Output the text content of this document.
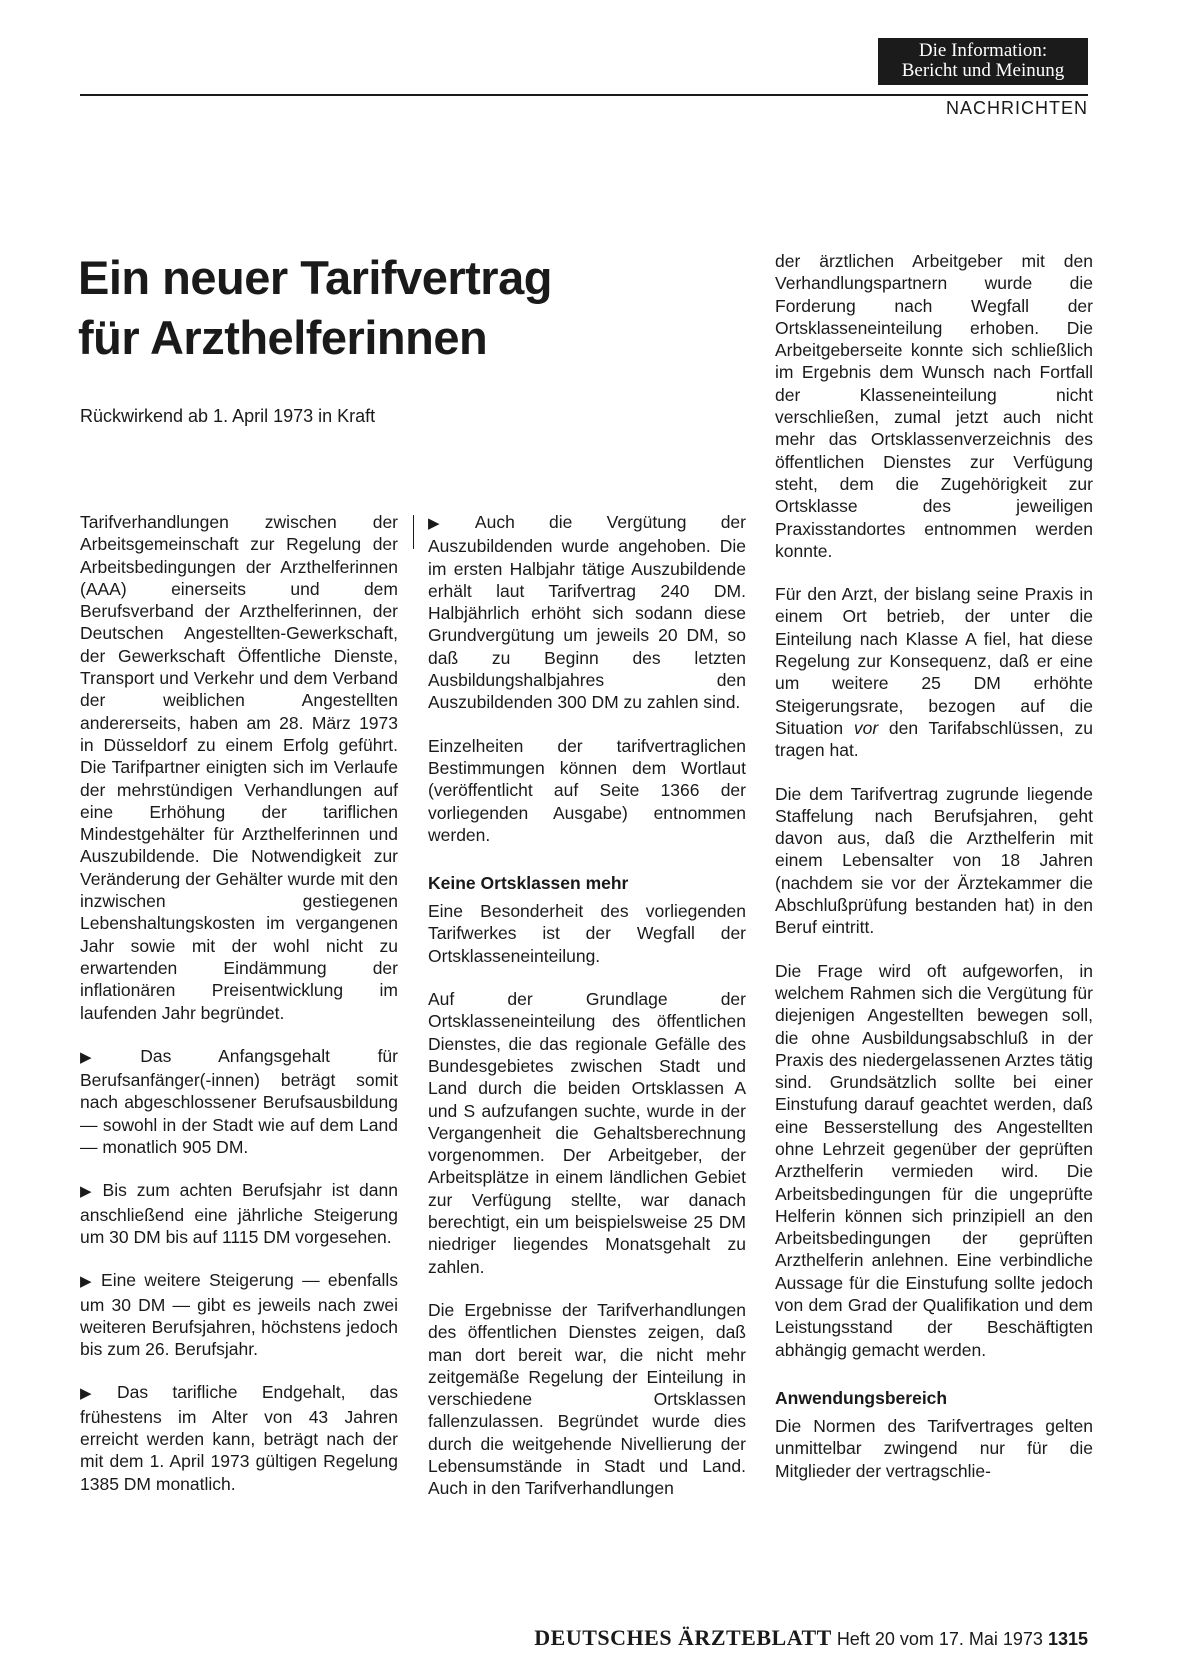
Die Information:
Bericht und Meinung
NACHRICHTEN
Ein neuer Tarifvertrag
für Arzthelferinnen
Rückwirkend ab 1. April 1973 in Kraft

Tarifverhandlungen zwischen der Arbeitsgemeinschaft zur Regelung der Arbeitsbedingungen der Arzthelferinnen (AAA) einerseits und dem Berufsverband der Arzthelferinnen, der Deutschen Angestellten-Gewerkschaft, der Gewerkschaft Öffentliche Dienste, Transport und Verkehr und dem Verband der weiblichen Angestellten andererseits, haben am 28. März 1973 in Düsseldorf zu einem Erfolg geführt. Die Tarifpartner einigten sich im Verlaufe der mehrstündigen Verhandlungen auf eine Erhöhung der tariflichen Mindestgehälter für Arzthelferinnen und Auszubildende. Die Notwendigkeit zur Veränderung der Gehälter wurde mit den inzwischen gestiegenen Lebenshaltungskosten im vergangenen Jahr sowie mit der wohl nicht zu erwartenden Eindämmung der inflationären Preisentwicklung im laufenden Jahr begründet.

▶ Das Anfangsgehalt für Berufsanfänger(-innen) beträgt somit nach abgeschlossener Berufsausbildung — sowohl in der Stadt wie auf dem Land — monatlich 905 DM.

▶ Bis zum achten Berufsjahr ist dann anschließend eine jährliche Steigerung um 30 DM bis auf 1115 DM vorgesehen.

▶ Eine weitere Steigerung — ebenfalls um 30 DM — gibt es jeweils nach zwei weiteren Berufsjahren, höchstens jedoch bis zum 26. Berufsjahr.

▶ Das tarifliche Endgehalt, das frühestens im Alter von 43 Jahren erreicht werden kann, beträgt nach der mit dem 1. April 1973 gültigen Regelung 1385 DM monatlich.

▶ Auch die Vergütung der Auszubildenden wurde angehoben. Die im ersten Halbjahr tätige Auszubildende erhält laut Tarifvertrag 240 DM. Halbjährlich erhöht sich sodann diese Grundvergütung um jeweils 20 DM, so daß zu Beginn des letzten Ausbildungshalbjahres den Auszubildenden 300 DM zu zahlen sind.

Einzelheiten der tarifvertraglichen Bestimmungen können dem Wortlaut (veröffentlicht auf Seite 1366 der vorliegenden Ausgabe) entnommen werden.

Keine Ortsklassen mehr

Eine Besonderheit des vorliegenden Tarifwerkes ist der Wegfall der Ortsklasseneinteilung.

Auf der Grundlage der Ortsklasseneinteilung des öffentlichen Dienstes, die das regionale Gefälle des Bundesgebietes zwischen Stadt und Land durch die beiden Ortsklassen A und S aufzufangen suchte, wurde in der Vergangenheit die Gehaltsberechnung vorgenommen. Der Arbeitgeber, der Arbeitsplätze in einem ländlichen Gebiet zur Verfügung stellte, war danach berechtigt, ein um beispielsweise 25 DM niedriger liegendes Monatsgehalt zu zahlen.

Die Ergebnisse der Tarifverhandlungen des öffentlichen Dienstes zeigen, daß man dort bereit war, die nicht mehr zeitgemäße Regelung der Einteilung in verschiedene Ortsklassen fallenzulassen. Begründet wurde dies durch die weitgehende Nivellierung der Lebensumstände in Stadt und Land. Auch in den Tarifverhandlungen

der ärztlichen Arbeitgeber mit den Verhandlungspartnern wurde die Forderung nach Wegfall der Ortsklasseneinteilung erhoben. Die Arbeitgeberseite konnte sich schließlich im Ergebnis dem Wunsch nach Fortfall der Klasseneinteilung nicht verschließen, zumal jetzt auch nicht mehr das Ortsklassenverzeichnis des öffentlichen Dienstes zur Verfügung steht, dem die Zugehörigkeit zur Ortsklasse des jeweiligen Praxisstandortes entnommen werden konnte.

Für den Arzt, der bislang seine Praxis in einem Ort betrieb, der unter die Einteilung nach Klasse A fiel, hat diese Regelung zur Konsequenz, daß er eine um weitere 25 DM erhöhte Steigerungsrate, bezogen auf die Situation vor den Tarifabschlüssen, zu tragen hat.

Die dem Tarifvertrag zugrunde liegende Staffelung nach Berufsjahren, geht davon aus, daß die Arzthelferin mit einem Lebensalter von 18 Jahren (nachdem sie vor der Ärztekammer die Abschlußprüfung bestanden hat) in den Beruf eintritt.

Die Frage wird oft aufgeworfen, in welchem Rahmen sich die Vergütung für diejenigen Angestellten bewegen soll, die ohne Ausbildungsabschluß in der Praxis des niedergelassenen Arztes tätig sind. Grundsätzlich sollte bei einer Einstufung darauf geachtet werden, daß eine Besserstellung des Angestellten ohne Lehrzeit gegenüber der geprüften Arzthelferin vermieden wird. Die Arbeitsbedingungen für die ungeprüfte Helferin können sich prinzipiell an den Arbeitsbedingungen der geprüften Arzthelferin anlehnen. Eine verbindliche Aussage für die Einstufung sollte jedoch von dem Grad der Qualifikation und dem Leistungsstand der Beschäftigten abhängig gemacht werden.

Anwendungsbereich

Die Normen des Tarifvertrages gelten unmittelbar zwingend nur für die Mitglieder der vertragschlie-

DEUTSCHES ÄRZTEBLATT Heft 20 vom 17. Mai 1973 1315
